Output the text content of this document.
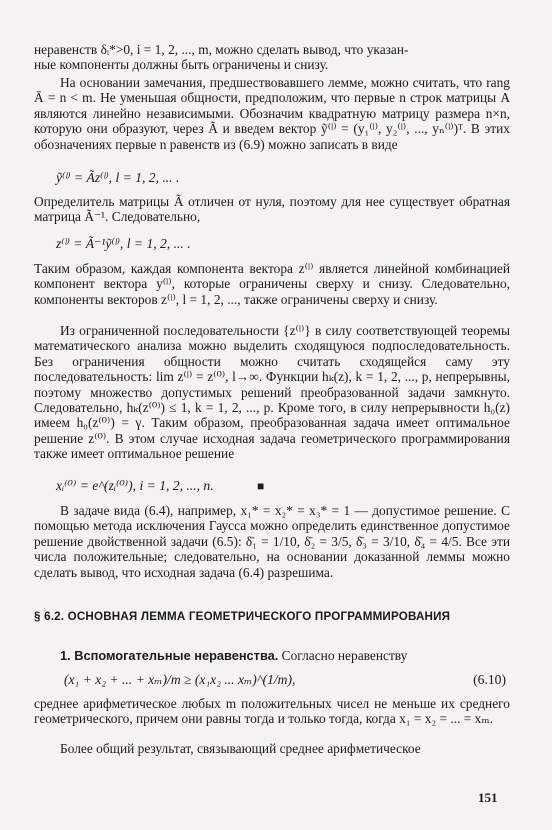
неравенств δᵢ*>0, i = 1, 2, ..., m, можно сделать вывод, что указан-

ные компоненты должны быть ограничены и снизу.

На основании замечания, предшествовавшего лемме, можно считать, что rang Ā = n < m. Не уменьшая общности, предположим, что первые n строк матрицы A являются линейно независимыми. Обозначим квадратную матрицу размера n×n, которую они образуют, через Ã и введем вектор ỹ⁽ˡ⁾ = (y₁⁽ˡ⁾, y₂⁽ˡ⁾, ..., yₙ⁽ˡ⁾)ᵀ. В этих обозначениях первые n равенств из (6.9) можно записать в виде

ỹ⁽ˡ⁾ = Ãz⁽ˡ⁾, l = 1, 2, ... .

Определитель матрицы Ã отличен от нуля, поэтому для нее существует обратная матрица Ã⁻¹. Следовательно,

z⁽ˡ⁾ = Ã⁻¹ỹ⁽ˡ⁾, l = 1, 2, ... .

Таким образом, каждая компонента вектора z⁽ˡ⁾ является линейной комбинацией компонент вектора y⁽ˡ⁾, которые ограничены сверху и снизу. Следовательно, компоненты векторов z⁽ˡ⁾, l = 1, 2, ..., также ограничены сверху и снизу.

Из ограниченной последовательности {z⁽ˡ⁾} в силу соответствующей теоремы математического анализа можно выделить сходящуюся подпоследовательность. Без ограничения общности можно считать сходящейся саму эту последовательность: lim z⁽ˡ⁾ = z⁽⁰⁾, l→∞. Функции hₖ(z), k = 1, 2, ..., p, непрерывны, поэтому множество допустимых решений преобразованной задачи замкнуто. Следовательно, hₖ(z⁽⁰⁾) ≤ 1, k = 1, 2, ..., p. Кроме того, в силу непрерывности h₀(z) имеем h₀(z⁽⁰⁾) = γ. Таким образом, преобразованная задача имеет оптимальное решение z⁽⁰⁾. В этом случае исходная задача геометрического программирования также имеет оптимальное решение

xᵢ⁽⁰⁾ = e^(zᵢ⁽⁰⁾), i = 1, 2, ..., n.	■

В задаче вида (6.4), например, x₁* = x₂* = x₃* = 1 — допустимое решение. С помощью метода исключения Гаусса можно определить единственное допустимое решение двойственной задачи (6.5): δ̄₁ = 1/10, δ̄₂ = 3/5, δ̄₃ = 3/10, δ̄₄ = 4/5. Все эти числа положительные; следовательно, на основании доказанной леммы можно сделать вывод, что исходная задача (6.4) разрешима.

§ 6.2. ОСНОВНАЯ ЛЕММА ГЕОМЕТРИЧЕСКОГО ПРОГРАММИРОВАНИЯ

1. Вспомогательные неравенства. Согласно неравенству

(x₁ + x₂ + ... + xₘ)/m ≥ (x₁x₂ ... xₘ)^(1/m),	(6.10)

среднее арифметическое любых m положительных чисел не меньше их среднего геометрического, причем они равны тогда и только тогда, когда x₁ = x₂ = ... = xₘ.

Более общий результат, связывающий среднее арифметическое

151
